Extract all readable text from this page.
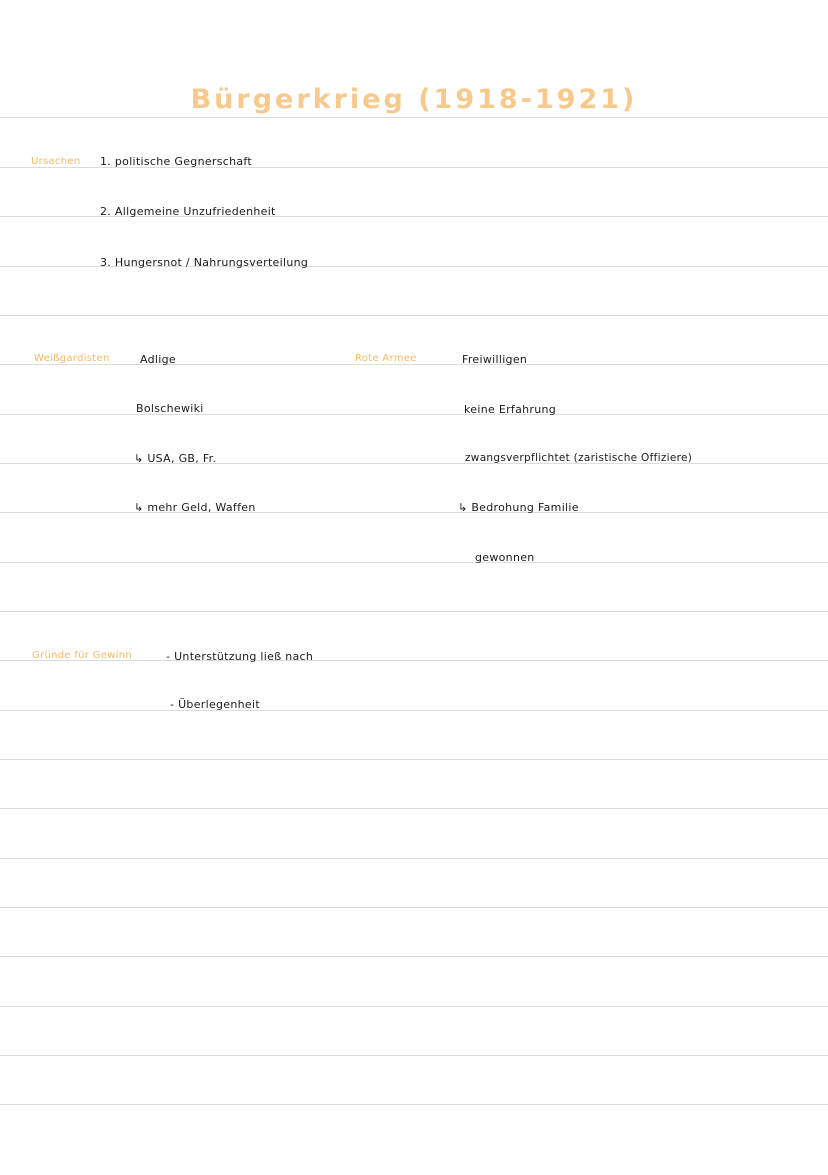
Bürgerkrieg (1918-1921)
Ursachen 1. politische Gegnerschaft
2. Allgemeine Unzufriedenheit
3. Hungersnot / Nahrungsverteilung
Weißgardisten	Adlige
Bolschewiki
↳ USA, GB, Fr.
↳ mehr Geld, Waffen
Rote Armee	Freiwilligen
keine Erfahrung
zwangsverpflichtet (zaristische Offiziere)
↳ Bedrohung Familie
gewonnen
Gründe für Gewinn	- Unterstützung ließ nach
- Überlegenheit
